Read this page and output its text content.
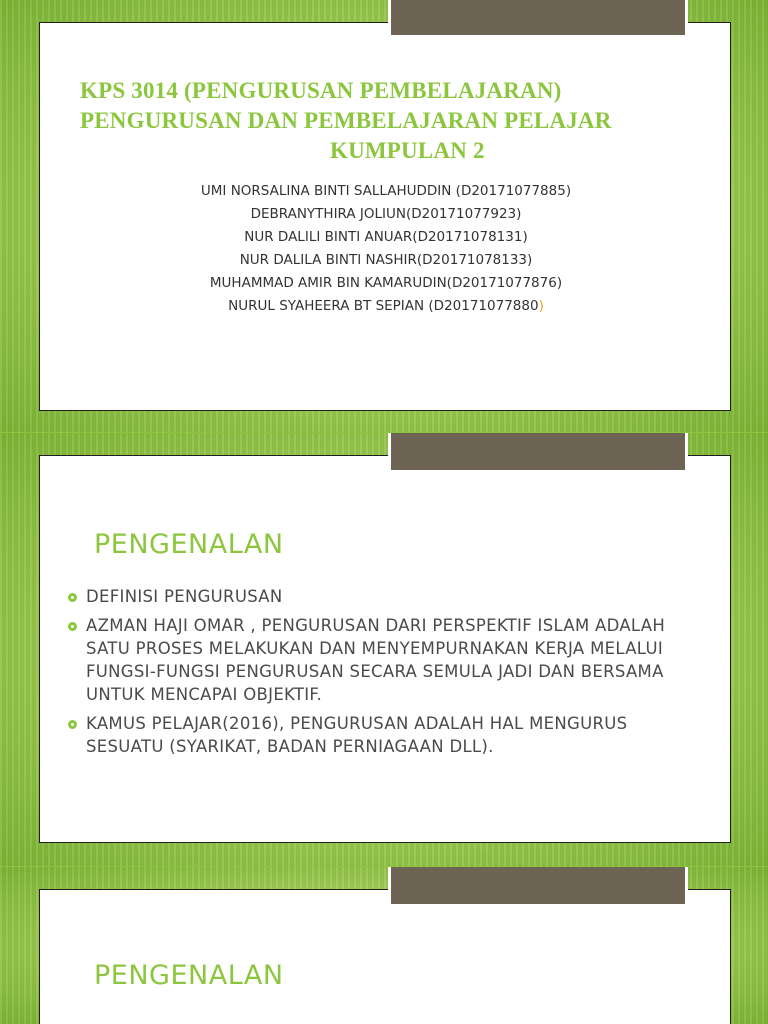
KPS 3014 (PENGURUSAN PEMBELAJARAN)
PENGURUSAN DAN PEMBELAJARAN PELAJAR

KUMPULAN 2
UMI NORSALINA BINTI SALLAHUDDIN (D20171077885)
DEBRANYTHIRA JOLIUN(D20171077923)
NUR DALILI BINTI ANUAR(D20171078131)
NUR DALILA BINTI NASHIR(D20171078133)
MUHAMMAD AMIR BIN KAMARUDIN(D20171077876)
NURUL SYAHEERA BT SEPIAN (D20171077880)
PENGENALAN
DEFINISI PENGURUSAN
AZMAN HAJI OMAR , PENGURUSAN DARI PERSPEKTIF ISLAM ADALAH SATU PROSES MELAKUKAN DAN MENYEMPURNAKAN KERJA MELALUI FUNGSI-FUNGSI PENGURUSAN SECARA SEMULA JADI DAN BERSAMA UNTUK MENCAPAI OBJEKTIF.
KAMUS PELAJAR(2016), PENGURUSAN ADALAH HAL MENGURUS SESUATU (SYARIKAT, BADAN PERNIAGAAN DLL).
PENGENALAN
